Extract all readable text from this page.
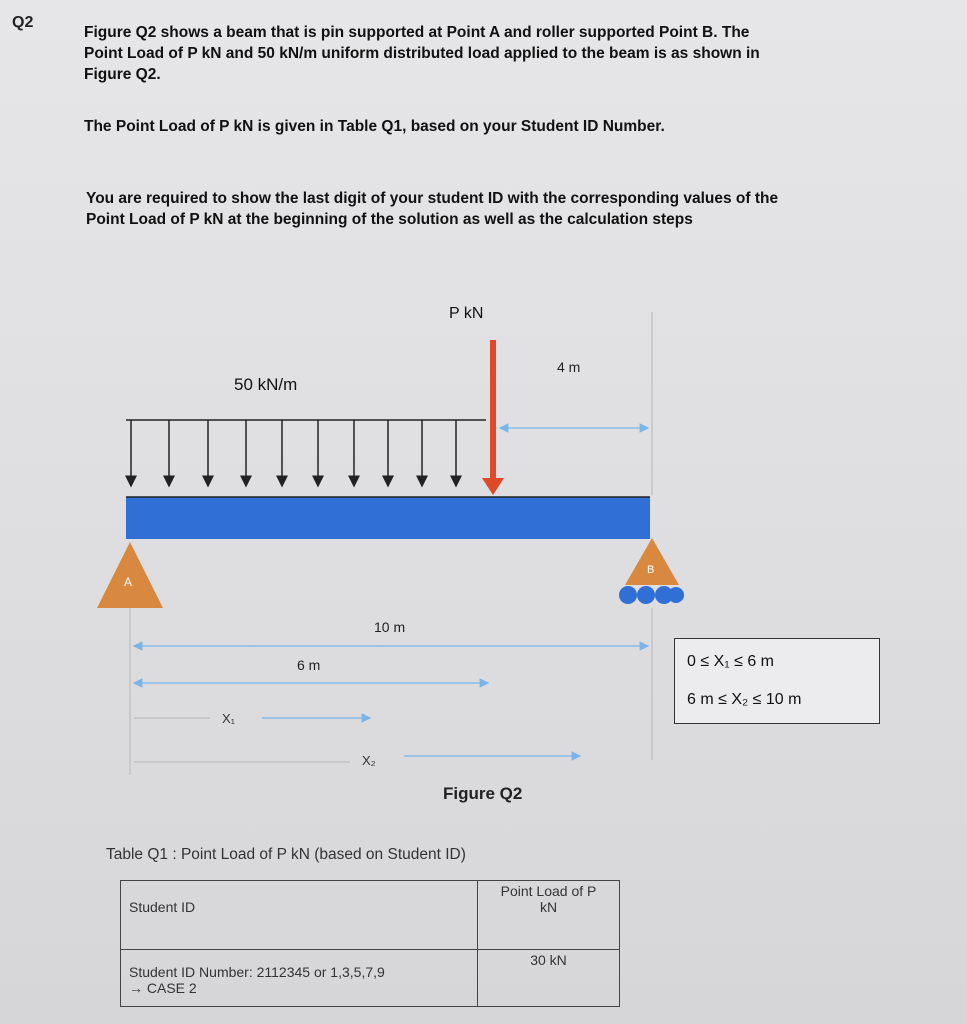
Q2
Figure Q2 shows a beam that is pin supported at Point A and roller supported Point B. The
Point Load of P kN and 50 kN/m uniform distributed load applied to the beam is as shown in
Figure Q2.
The Point Load of P kN is given in Table Q1, based on your Student ID Number.
You are required to show the last digit of your student ID with the corresponding values of the
Point Load of P kN at the beginning of the solution as well as the calculation steps
P kN
50 kN/m
4 m
A
B
10 m
6 m
X₁
X₂
0 ≤ X₁ ≤ 6 m
6 m ≤ X₂ ≤ 10 m
Figure Q2
Table Q1 : Point Load of P kN (based on Student ID)
Student ID	Point Load of P
kN

Student ID Number: 2112345 or 1,3,5,7,9
→ CASE 2	30 kN
